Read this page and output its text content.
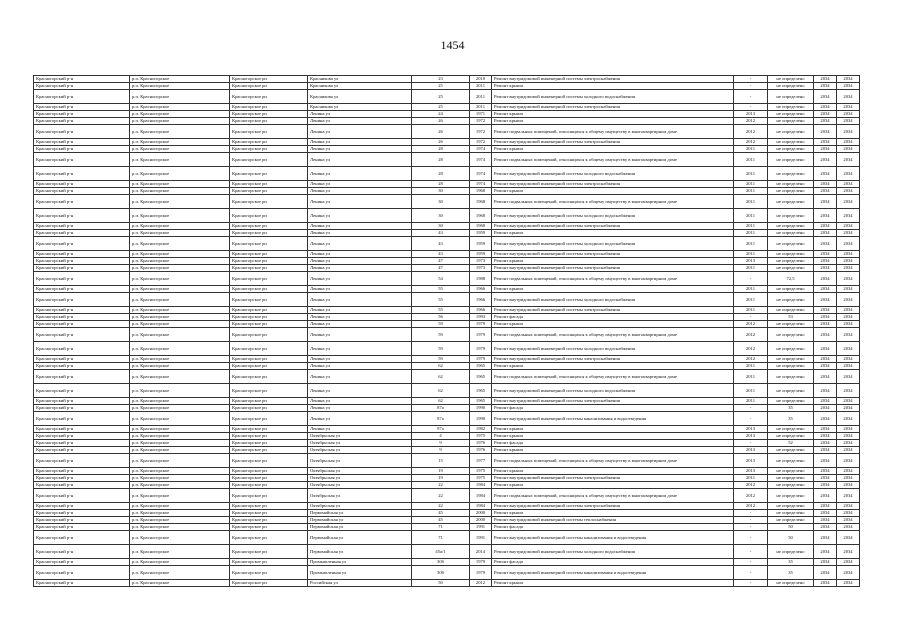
1454
Красногорский р-н	р.п. Красногорское	Красногорское рп	Красникова ул	23	2010	Ремонт внутридомовой инженерной системы электроснабжения	-	не определено	2034	2034
Красногорский р-н	р.п. Красногорское	Красногорское рп	Красникова ул	25	2011	Ремонт крыши	-	не определено	2034	2034
Красногорский р-н	р.п. Красногорское	Красногорское рп	Красникова ул	25	2011	Ремонт внутридомовой инженерной системы холодного водоснабжения	-	не определено	2034	2034
Красногорский р-н	р.п. Красногорское	Красногорское рп	Красникова ул	25	2011	Ремонт внутридомовой инженерной системы электроснабжения	-	не определено	2034	2034
Красногорский р-н	р.п. Красногорское	Красногорское рп	Ленина ул	24	1971	Ремонт крыши	2013	не определено	2034	2034
Красногорский р-н	р.п. Красногорское	Красногорское рп	Ленина ул	26	1972	Ремонт крыши	2012	не определено	2034	2034
Красногорский р-н	р.п. Красногорское	Красногорское рп	Ленина ул	26	1972	Ремонт подвальных помещений, относящихся к общему имуществу в многоквартирном доме	2012	не определено	2034	2034
Красногорский р-н	р.п. Красногорское	Красногорское рп	Ленина ул	26	1972	Ремонт внутридомовой инженерной системы электроснабжения	2012	не определено	2034	2034
Красногорский р-н	р.п. Красногорское	Красногорское рп	Ленина ул	28	1974	Ремонт крыши	2011	не определено	2034	2034
Красногорский р-н	р.п. Красногорское	Красногорское рп	Ленина ул	28	1974	Ремонт подвальных помещений, относящихся к общему имуществу в многоквартирном доме	2011	не определено	2034	2034
Красногорский р-н	р.п. Красногорское	Красногорское рп	Ленина ул	28	1974	Ремонт внутридомовой инженерной системы холодного водоснабжения	2011	не определено	2034	2034
Красногорский р-н	р.п. Красногорское	Красногорское рп	Ленина ул	28	1974	Ремонт внутридомовой инженерной системы электроснабжения	2011	не определено	2034	2034
Красногорский р-н	р.п. Красногорское	Красногорское рп	Ленина ул	30	1968	Ремонт крыши	2011	не определено	2034	2034
Красногорский р-н	р.п. Красногорское	Красногорское рп	Ленина ул	30	1968	Ремонт подвальных помещений, относящихся к общему имуществу в многоквартирном доме	2011	не определено	2034	2034
Красногорский р-н	р.п. Красногорское	Красногорское рп	Ленина ул	30	1968	Ремонт внутридомовой инженерной системы холодного водоснабжения	2011	не определено	2034	2034
Красногорский р-н	р.п. Красногорское	Красногорское рп	Ленина ул	30	1968	Ремонт внутридомовой инженерной системы электроснабжения	2011	не определено	2034	2034
Красногорский р-н	р.п. Красногорское	Красногорское рп	Ленина ул	43	1959	Ремонт крыши	2011	не определено	2034	2034
Красногорский р-н	р.п. Красногорское	Красногорское рп	Ленина ул	43	1959	Ремонт внутридомовой инженерной системы холодного водоснабжения	2011	не определено	2034	2034
Красногорский р-н	р.п. Красногорское	Красногорское рп	Ленина ул	43	1959	Ремонт внутридомовой инженерной системы электроснабжения	2011	не определено	2034	2034
Красногорский р-н	р.п. Красногорское	Красногорское рп	Ленина ул	47	1973	Ремонт крыши	2013	не определено	2034	2034
Красногорский р-н	р.п. Красногорское	Красногорское рп	Ленина ул	47	1973	Ремонт внутридомовой инженерной системы электроснабжения	2011	не определено	2034	2034
Красногорский р-н	р.п. Красногорское	Красногорское рп	Ленина ул	54	1988	Ремонт подвальных помещений, относящихся к общему имуществу в многоквартирном доме	-	72,5	2034	2034
Красногорский р-н	р.п. Красногорское	Красногорское рп	Ленина ул	55	1966	Ремонт крыши	2011	не определено	2034	2034
Красногорский р-н	р.п. Красногорское	Красногорское рп	Ленина ул	55	1966	Ремонт внутридомовой инженерной системы холодного водоснабжения	2011	не определено	2034	2034
Красногорский р-н	р.п. Красногорское	Красногорское рп	Ленина ул	55	1966	Ремонт внутридомовой инженерной системы электроснабжения	2011	не определено	2034	2034
Красногорский р-н	р.п. Красногорское	Красногорское рп	Ленина ул	56	1993	Ремонт фасада	-	53	2034	2034
Красногорский р-н	р.п. Красногорское	Красногорское рп	Ленина ул	59	1979	Ремонт крыши	2012	не определено	2034	2034
Красногорский р-н	р.п. Красногорское	Красногорское рп	Ленина ул	59	1979	Ремонт подвальных помещений, относящихся к общему имуществу в многоквартирном доме	2012	не определено	2034	2034
Красногорский р-н	р.п. Красногорское	Красногорское рп	Ленина ул	59	1979	Ремонт внутридомовой инженерной системы холодного водоснабжения	2012	не определено	2034	2034
Красногорский р-н	р.п. Красногорское	Красногорское рп	Ленина ул	59	1979	Ремонт внутридомовой инженерной системы электроснабжения	2012	не определено	2034	2034
Красногорский р-н	р.п. Красногорское	Красногорское рп	Ленина ул	62	1965	Ремонт крыши	2011	не определено	2034	2034
Красногорский р-н	р.п. Красногорское	Красногорское рп	Ленина ул	62	1965	Ремонт подвальных помещений, относящихся к общему имуществу в многоквартирном доме	2011	не определено	2034	2034
Красногорский р-н	р.п. Красногорское	Красногорское рп	Ленина ул	62	1965	Ремонт внутридомовой инженерной системы холодного водоснабжения	2011	не определено	2034	2034
Красногорский р-н	р.п. Красногорское	Красногорское рп	Ленина ул	62	1965	Ремонт внутридомовой инженерной системы электроснабжения	2011	не определено	2034	2034
Красногорский р-н	р.п. Красногорское	Красногорское рп	Ленина ул	87а	1990	Ремонт фасада	-	35	2034	2034
Красногорский р-н	р.п. Красногорское	Красногорское рп	Ленина ул	87а	1990	Ремонт внутридомовой инженерной системы канализования и водоотведения	-	35	2034	2034
Красногорский р-н	р.п. Красногорское	Красногорское рп	Ленина ул	97а	1982	Ремонт крыши	2013	не определено	2034	2034
Красногорский р-н	р.п. Красногорское	Красногорское рп	Октябрьская ул	4	1975	Ремонт крыши	2013	не определено	2034	2034
Красногорский р-н	р.п. Красногорское	Красногорское рп	Октябрьская ул	9	1976	Ремонт фасада	-	52	2034	2034
Красногорский р-н	р.п. Красногорское	Красногорское рп	Октябрьская ул	9	1976	Ремонт крыши	2013	не определено	2034	2034
Красногорский р-н	р.п. Красногорское	Красногорское рп	Октябрьская ул	15	1977	Ремонт подвальных помещений, относящихся к общему имуществу в многоквартирном доме	2013	не определено	2034	2034
Красногорский р-н	р.п. Красногорское	Красногорское рп	Октябрьская ул	19	1975	Ремонт крыши	2013	не определено	2034	2034
Красногорский р-н	р.п. Красногорское	Красногорское рп	Октябрьская ул	19	1975	Ремонт внутридомовой инженерной системы электроснабжения	2011	не определено	2034	2034
Красногорский р-н	р.п. Красногорское	Красногорское рп	Октябрьская ул	22	1984	Ремонт крыши	2012	не определено	2034	2034
Красногорский р-н	р.п. Красногорское	Красногорское рп	Октябрьская ул	22	1984	Ремонт подвальных помещений, относящихся к общему имуществу в многоквартирном доме	2012	не определено	2034	2034
Красногорский р-н	р.п. Красногорское	Красногорское рп	Октябрьская ул	22	1984	Ремонт внутридомовой инженерной системы электроснабжения	2012	не определено	2034	2034
Красногорский р-н	р.п. Красногорское	Красногорское рп	Первомайская ул	45	2000	Ремонт крыши	-	не определено	2034	2034
Красногорский р-н	р.п. Красногорское	Красногорское рп	Первомайская ул	45	2000	Ремонт внутридомовой инженерной системы теплоснабжения	-	не определено	2034	2034
Красногорский р-н	р.п. Красногорское	Красногорское рп	Первомайская ул	71	1991	Ремонт фасада	-	50	2034	2034
Красногорский р-н	р.п. Красногорское	Красногорское рп	Первомайская ул	71	1991	Ремонт внутридомовой инженерной системы канализования и водоотведения	-	50	2034	2034
Красногорский р-н	р.п. Красногорское	Красногорское рп	Первомайская ул	45а/1	2014	Ремонт внутридомовой инженерной системы холодного водоснабжения	-	не определено	2034	2034
Красногорский р-н	р.п. Красногорское	Красногорское рп	Промышленная ул	30б	1979	Ремонт фасада	-	35	2034	2034
Красногорский р-н	р.п. Красногорское	Красногорское рп	Промышленная ул	30б	1979	Ремонт внутридомовой инженерной системы канализования и водоотведения	-	35	2034	2034
Красногорский р-н	р.п. Красногорское	Красногорское рп	Российская ул	50	2012	Ремонт крыши	-	не определено	2034	2034
